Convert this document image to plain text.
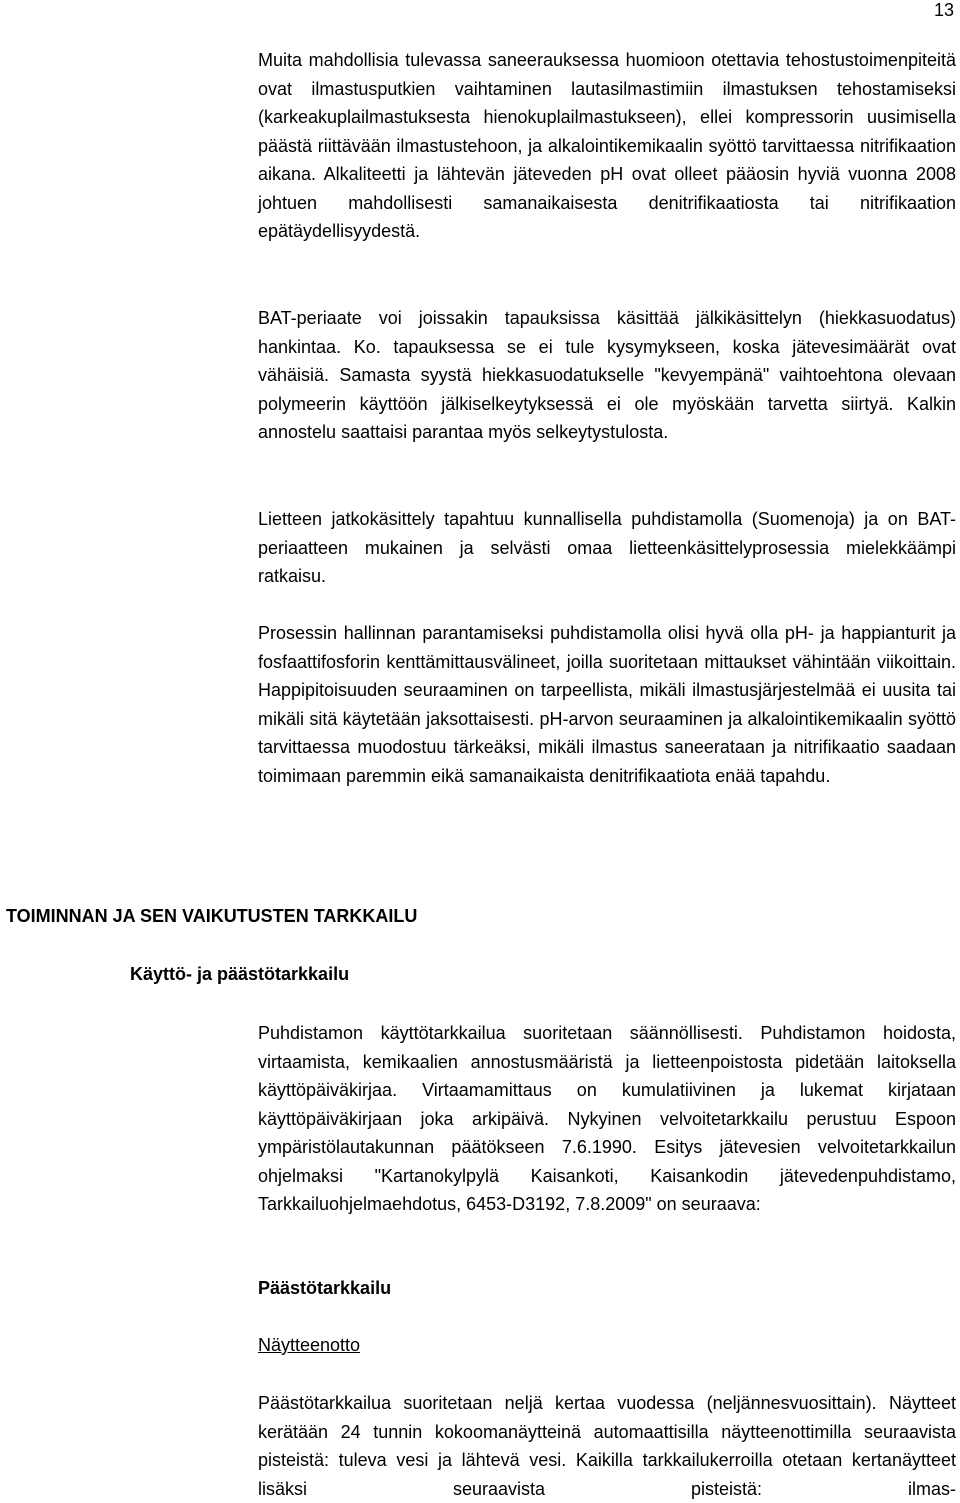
13

Muita mahdollisia tulevassa saneerauksessa huomioon otettavia tehostustoimenpiteitä ovat ilmastusputkien vaihtaminen lautasilmastimiin ilmastuksen tehostamiseksi (karkeakuplailmastuksesta hienokuplailmastukseen), ellei kompressorin uusimisella päästä riittävään ilmastustehoon, ja alkalointikemikaalin syöttö tarvittaessa nitrifikaation aikana. Alkaliteetti ja lähtevän jäteveden pH ovat olleet pääosin hyviä vuonna 2008 johtuen mahdollisesti samanaikaisesta denitrifikaatiosta tai nitrifikaation epätäydellisyydestä.

BAT-periaate voi joissakin tapauksissa käsittää jälkikäsittelyn (hiekkasuodatus) hankintaa. Ko. tapauksessa se ei tule kysymykseen, koska jätevesimäärät ovat vähäisiä. Samasta syystä hiekkasuodatukselle "kevyempänä" vaihtoehtona olevaan polymeerin käyttöön jälkiselkeytyksessä ei ole myöskään tarvetta siirtyä. Kalkin annostelu saattaisi parantaa myös selkeytystulosta.

Lietteen jatkokäsittely tapahtuu kunnallisella puhdistamolla (Suomenoja) ja on BAT-periaatteen mukainen ja selvästi omaa lietteenkäsittelyprosessia mielekkäämpi ratkaisu.

Prosessin hallinnan parantamiseksi puhdistamolla olisi hyvä olla pH- ja happianturit ja fosfaattifosforin kenttämittausvälineet, joilla suoritetaan mittaukset vähintään viikoittain. Happipitoisuuden seuraaminen on tarpeellista, mikäli ilmastusjärjestelmää ei uusita tai mikäli sitä käytetään jaksottaisesti. pH-arvon seuraaminen ja alkalointikemikaalin syöttö tarvittaessa muodostuu tärkeäksi, mikäli ilmastus saneerataan ja nitrifikaatio saadaan toimimaan paremmin eikä samanaikaista denitrifikaatiota enää tapahdu.

TOIMINNAN JA SEN VAIKUTUSTEN TARKKAILU
Käyttö- ja päästötarkkailu

Puhdistamon käyttötarkkailua suoritetaan säännöllisesti. Puhdistamon hoidosta, virtaamista, kemikaalien annostusmääristä ja lietteenpoistosta pidetään laitoksella käyttöpäiväkirjaa. Virtaamamittaus on kumulatiivinen ja lukemat kirjataan käyttöpäiväkirjaan joka arkipäivä. Nykyinen velvoitetarkkailu perustuu Espoon ympäristölautakunnan päätökseen 7.6.1990. Esitys jätevesien velvoitetarkkailun ohjelmaksi "Kartanokylpylä Kaisankoti, Kaisankodin jätevedenpuhdistamo, Tarkkailuohjelmaehdotus, 6453-D3192, 7.8.2009" on seuraava:

Päästötarkkailu
Näytteenotto

Päästötarkkailua suoritetaan neljä kertaa vuodessa (neljännesvuosittain). Näytteet kerätään 24 tunnin kokoomanäytteinä automaattisilla näytteenottimilla seuraavista pisteistä: tuleva vesi ja lähtevä vesi. Kaikilla tarkkailukerroilla otetaan kertanäytteet lisäksi seuraavista pisteistä: ilmas-
